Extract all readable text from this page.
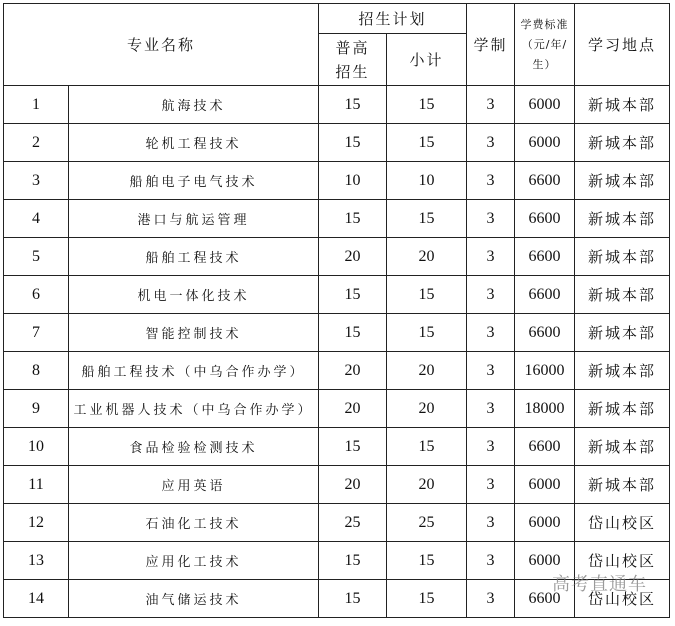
专业名称		招生计划		学制	学费标准（元/年/生）	学习地点
		普高招生	小计			
1	航海技术	15	15	3	6000	新城本部
2	轮机工程技术	15	15	3	6000	新城本部
3	船舶电子电气技术	10	10	3	6600	新城本部
4	港口与航运管理	15	15	3	6600	新城本部
5	船舶工程技术	20	20	3	6600	新城本部
6	机电一体化技术	15	15	3	6600	新城本部
7	智能控制技术	15	15	3	6600	新城本部
8	船舶工程技术（中乌合作办学）	20	20	3	16000	新城本部
9	工业机器人技术（中乌合作办学）	20	20	3	18000	新城本部
10	食品检验检测技术	15	15	3	6600	新城本部
11	应用英语	20	20	3	6000	新城本部
12	石油化工技术	25	25	3	6000	岱山校区
13	应用化工技术	15	15	3	6000	岱山校区
14	油气储运技术	15	15	3	6600	岱山校区
高考直通车
